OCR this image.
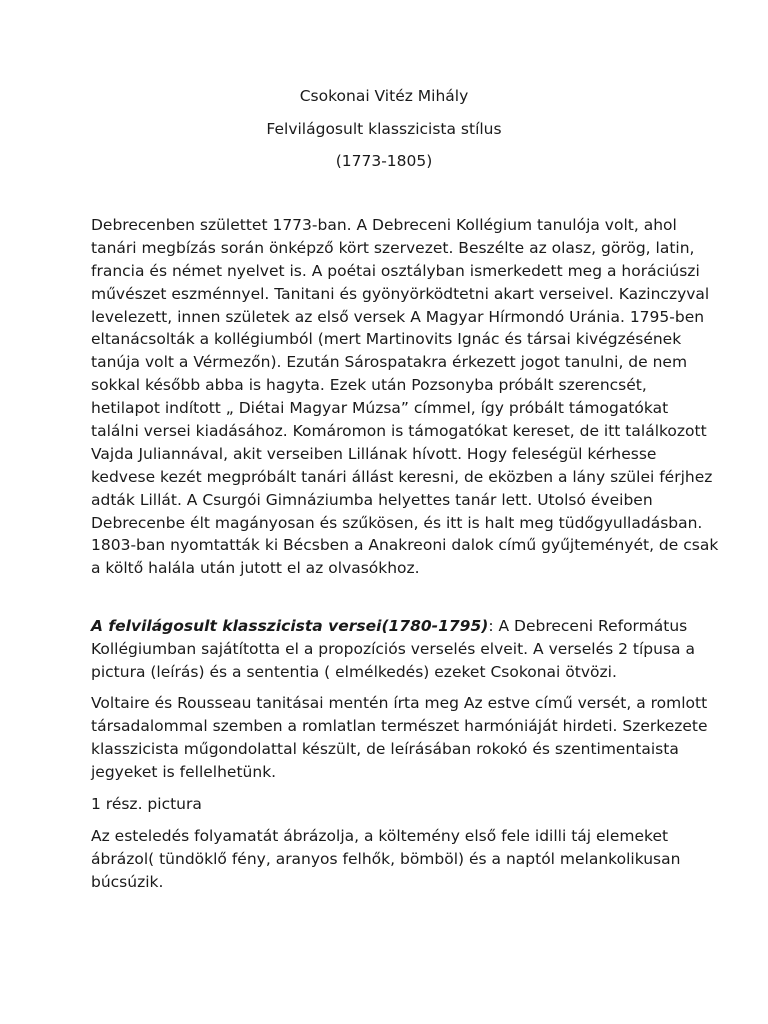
Csokonai Vitéz Mihály

Felvilágosult klasszicista stílus

(1773-1805)

Debrecenben születtet 1773-ban. A Debreceni Kollégium tanulója volt, ahol
tanári megbízás során önképző kört szervezet. Beszélte az olasz, görög, latin,
francia és német nyelvet is. A poétai osztályban ismerkedett meg a horáciúszi
művészet eszménnyel. Tanitani és gyönyörködtetni akart verseivel. Kazinczyval
levelezett, innen születek az első versek A Magyar Hírmondó Uránia. 1795-ben
eltanácsolták a kollégiumból (mert Martinovits Ignác és társai kivégzésének
tanúja volt a Vérmezőn). Ezután Sárospatakra érkezett jogot tanulni, de nem
sokkal később abba is hagyta. Ezek után Pozsonyba próbált szerencsét,
hetilapot indított „ Diétai Magyar Múzsa” címmel, így próbált támogatókat
találni versei kiadásához. Komáromon is támogatókat kereset, de itt találkozott
Vajda Juliannával, akit verseiben Lillának hívott. Hogy feleségül kérhesse
kedvese kezét megpróbált tanári állást keresni, de eközben a lány szülei férjhez
adták Lillát. A Csurgói Gimnáziumba helyettes tanár lett. Utolsó éveiben
Debrecenbe élt magányosan és szűkösen, és itt is halt meg tüdőgyulladásban.
1803-ban nyomtatták ki Bécsben a Anakreoni dalok című gyűjteményét, de csak
a költő halála után jutott el az olvasókhoz.
A felvilágosult klasszicista versei(1780-1795): A Debreceni Református
Kollégiumban sajátította el a propozíciós verselés elveit. A verselés 2 típusa a
pictura (leírás) és a sententia ( elmélkedés) ezeket Csokonai ötvözi.
Voltaire és Rousseau tanitásai mentén írta meg Az estve című versét, a romlott
társadalommal szemben a romlatlan természet harmóniáját hirdeti. Szerkezete
klasszicista műgondolattal készült, de leírásában rokokó és szentimentaista
jegyeket is fellelhetünk.
1 rész. pictura
Az esteledés folyamatát ábrázolja, a költemény első fele idilli táj elemeket
ábrázol( tündöklő fény, aranyos felhők, bömböl) és a naptól melankolikusan
búcsúzik.
